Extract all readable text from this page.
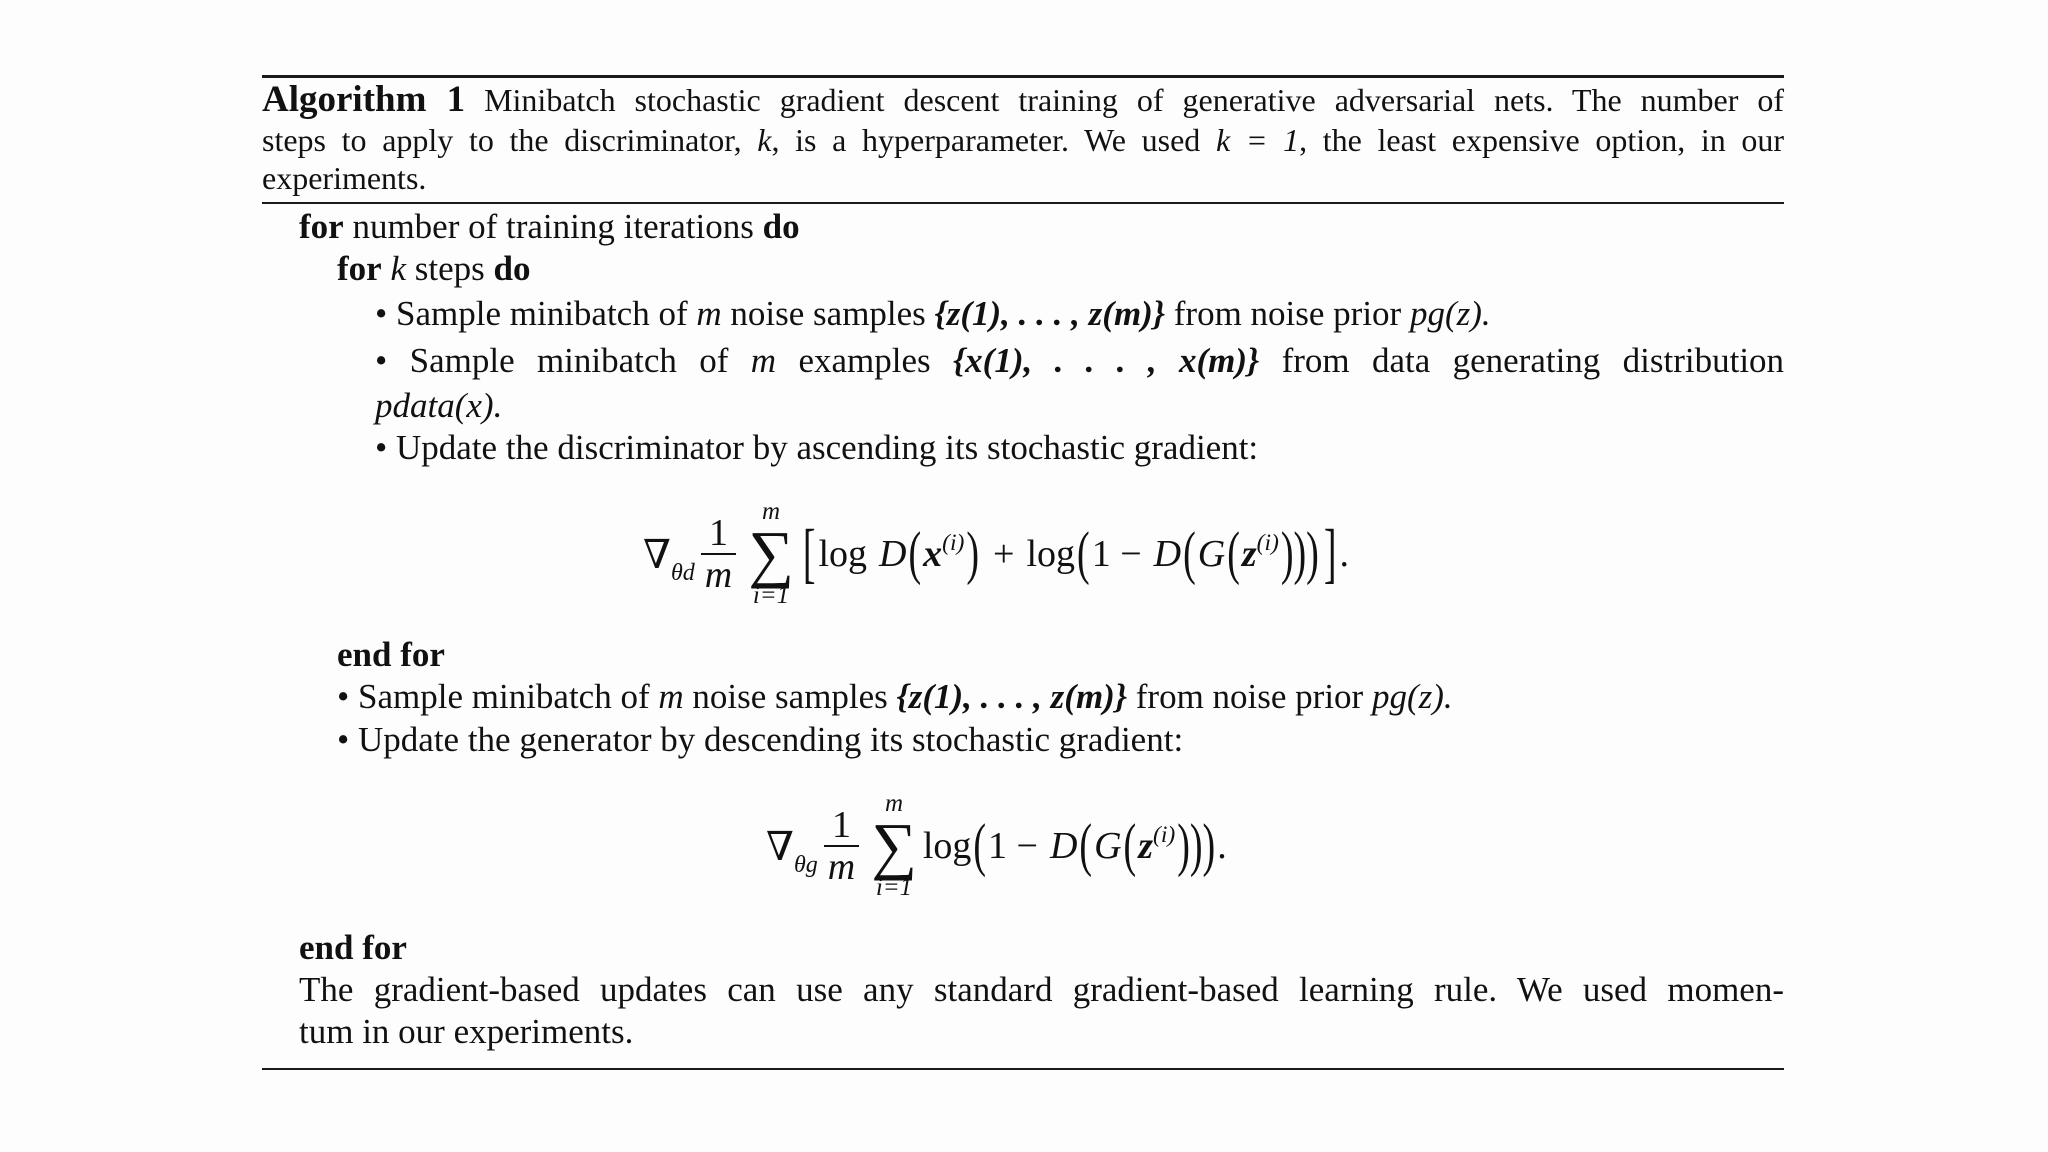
Algorithm 1 Minibatch stochastic gradient descent training of generative adversarial nets. The number of
steps to apply to the discriminator, k, is a hyperparameter. We used k = 1, the least expensive option, in our
experiments.
for number of training iterations do
for k steps do
• Sample minibatch of m noise samples {z(1), . . . , z(m)} from noise prior pg(z).
• Sample minibatch of m examples {x(1), . . . , x(m)} from data generating distribution
pdata(x).
• Update the discriminator by ascending its stochastic gradient:
$\nabla_{\theta d} \frac{1}{m}$
m
∑
i=1
[ log D ( $x^{(i)}$ ) + log ( 1 − D ( G ( $z^{(i)}$ ))) ] .
end for
• Sample minibatch of m noise samples {z(1), . . . , z(m)} from noise prior pg(z).
• Update the generator by descending its stochastic gradient:
$\nabla_{\theta g} \frac{1}{m}$
m
∑
i=1
log ( 1 − D ( G ( $z^{(i)}$ ))) .
end for
The gradient-based updates can use any standard gradient-based learning rule. We used momen-
tum in our experiments.
